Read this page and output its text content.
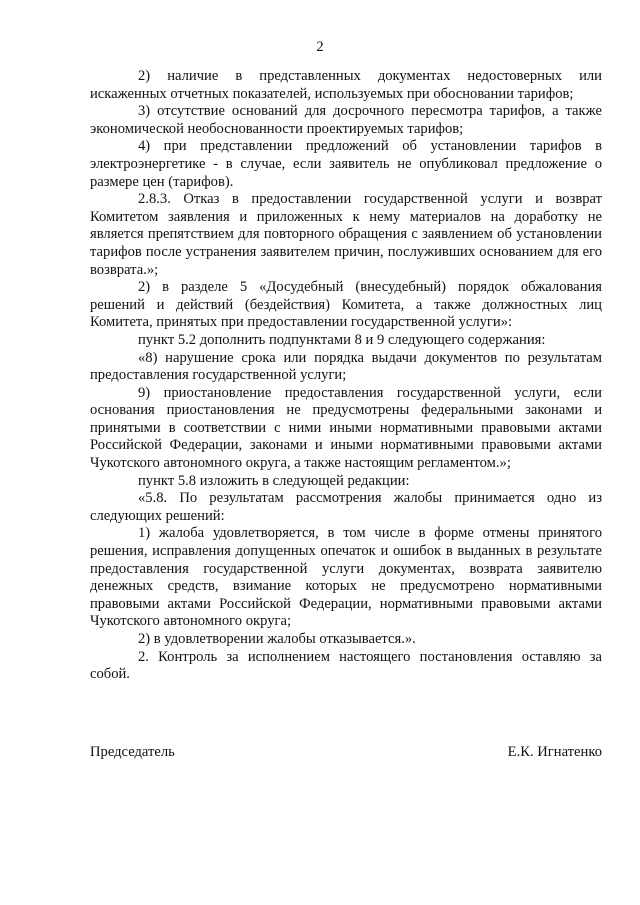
2

2) наличие в представленных документах недостоверных или искаженных отчетных показателей, используемых при обосновании тарифов;

3) отсутствие оснований для досрочного пересмотра тарифов, а также экономической необоснованности проектируемых тарифов;

4) при представлении предложений об установлении тарифов в электроэнергетике - в случае, если заявитель не опубликовал предложение о размере цен (тарифов).

2.8.3. Отказ в предоставлении государственной услуги и возврат Комитетом заявления и приложенных к нему материалов на доработку не является препятствием для повторного обращения с заявлением об установлении тарифов после устранения заявителем причин, послуживших основанием для его возврата.»;

2) в разделе 5 «Досудебный (внесудебный) порядок обжалования решений и действий (бездействия) Комитета, а также должностных лиц Комитета, принятых при предоставлении государственной услуги»:

пункт 5.2 дополнить подпунктами 8 и 9 следующего содержания:

«8) нарушение срока или порядка выдачи документов по результатам предоставления государственной услуги;

9) приостановление предоставления государственной услуги, если основания приостановления не предусмотрены федеральными законами и принятыми в соответствии с ними иными нормативными правовыми актами Российской Федерации, законами и иными нормативными правовыми актами Чукотского автономного округа, а также настоящим регламентом.»;

пункт 5.8 изложить в следующей редакции:

«5.8. По результатам рассмотрения жалобы принимается одно из следующих решений:

1) жалоба удовлетворяется, в том числе в форме отмены принятого решения, исправления допущенных опечаток и ошибок в выданных в результате предоставления государственной услуги документах, возврата заявителю денежных средств, взимание которых не предусмотрено нормативными правовыми актами Российской Федерации, нормативными правовыми актами Чукотского автономного округа;

2) в удовлетворении жалобы отказывается.».

2. Контроль за исполнением настоящего постановления оставляю за собой.

Председатель	Е.К. Игнатенко
